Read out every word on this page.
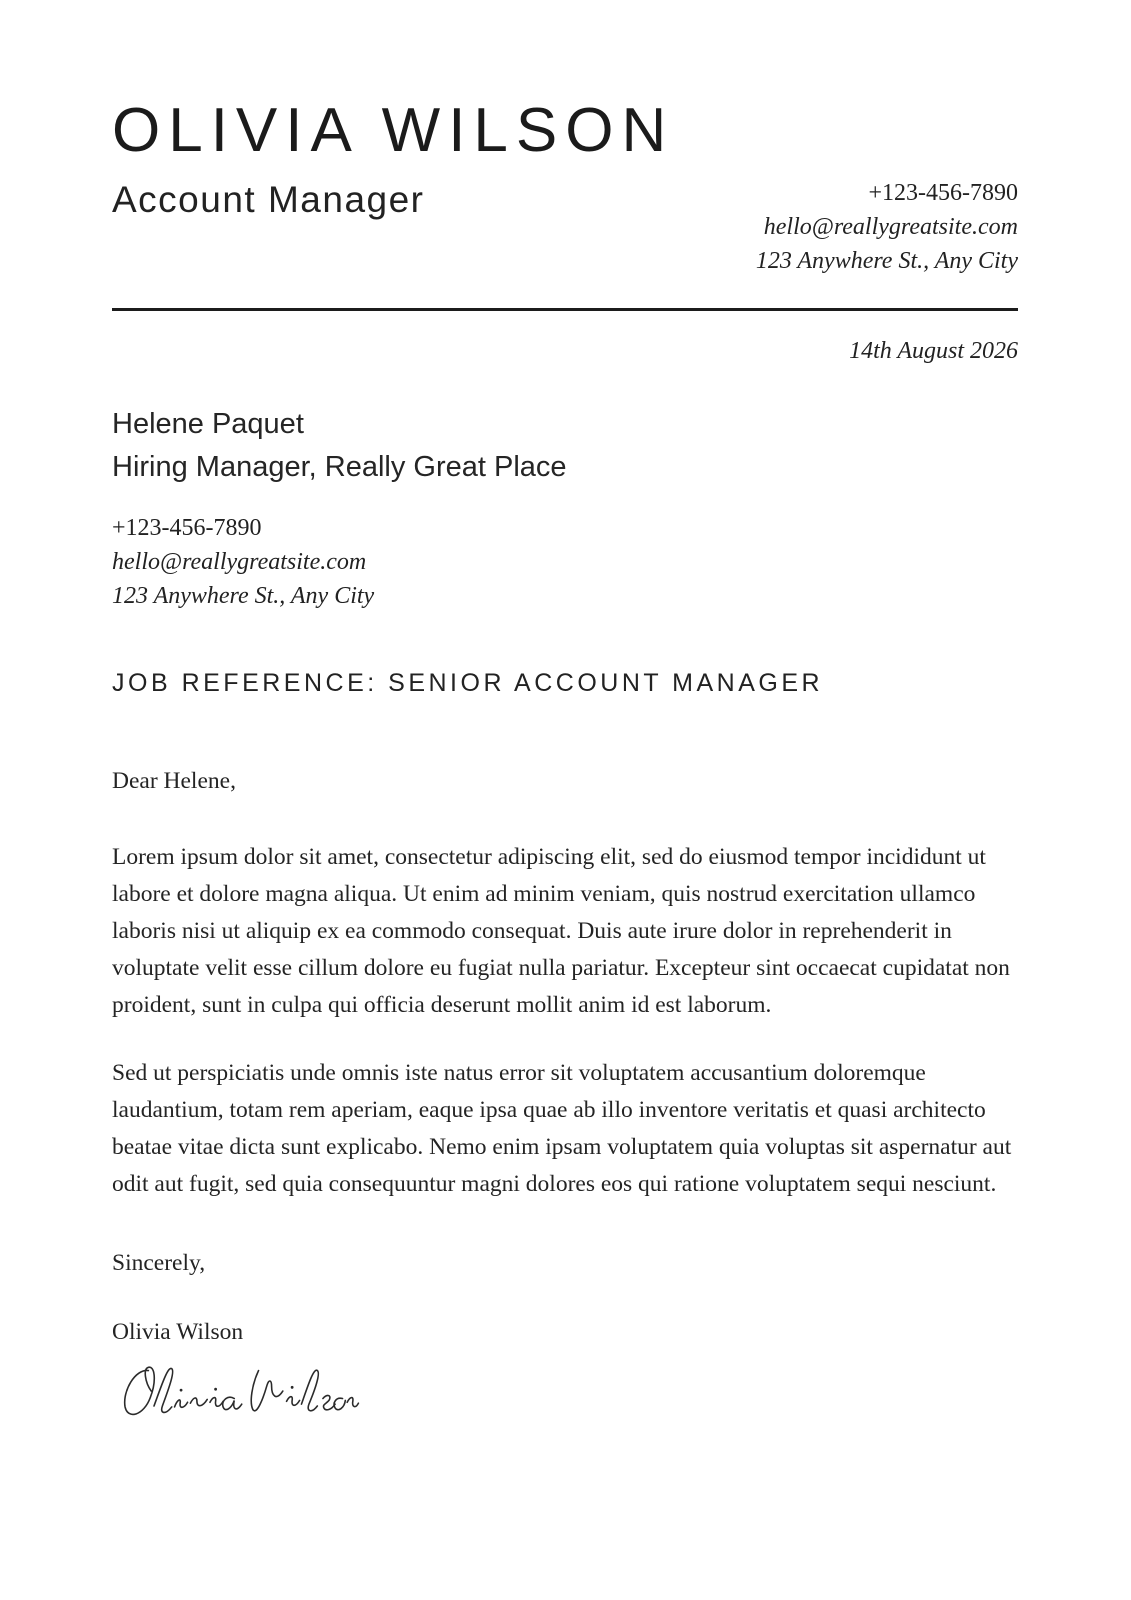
OLIVIA WILSON
Account Manager	+123-456-7890
hello@reallygreatsite.com
123 Anywhere St., Any City
14th August 2026
Helene Paquet
Hiring Manager, Really Great Place
+123-456-7890
hello@reallygreatsite.com
123 Anywhere St., Any City
JOB REFERENCE: SENIOR ACCOUNT MANAGER
Dear Helene,

Lorem ipsum dolor sit amet, consectetur adipiscing elit, sed do eiusmod tempor incididunt ut labore et dolore magna aliqua. Ut enim ad minim veniam, quis nostrud exercitation ullamco laboris nisi ut aliquip ex ea commodo consequat. Duis aute irure dolor in reprehenderit in voluptate velit esse cillum dolore eu fugiat nulla pariatur. Excepteur sint occaecat cupidatat non proident, sunt in culpa qui officia deserunt mollit anim id est laborum.

Sed ut perspiciatis unde omnis iste natus error sit voluptatem accusantium doloremque laudantium, totam rem aperiam, eaque ipsa quae ab illo inventore veritatis et quasi architecto beatae vitae dicta sunt explicabo. Nemo enim ipsam voluptatem quia voluptas sit aspernatur aut odit aut fugit, sed quia consequuntur magni dolores eos qui ratione voluptatem sequi nesciunt.

Sincerely,
Olivia Wilson
